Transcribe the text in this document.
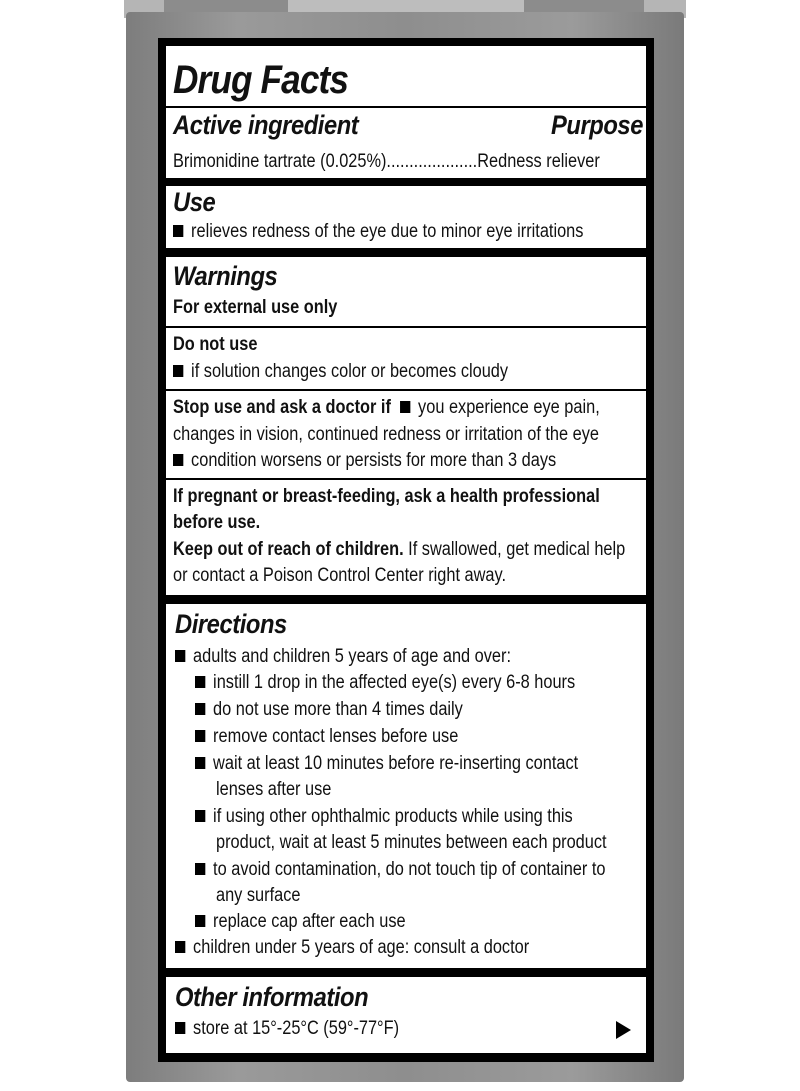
Drug Facts
Active ingredient	Purpose
Brimonidine tartrate (0.025%)....................Redness reliever
Use
relieves redness of the eye due to minor eye irritations
Warnings
For external use only
Do not use
if solution changes color or becomes cloudy
Stop use and ask a doctor if you experience eye pain,
changes in vision, continued redness or irritation of the eye
condition worsens or persists for more than 3 days
If pregnant or breast-feeding, ask a health professional
before use.
Keep out of reach of children. If swallowed, get medical help
or contact a Poison Control Center right away.
Directions
adults and children 5 years of age and over:
instill 1 drop in the affected eye(s) every 6-8 hours
do not use more than 4 times daily
remove contact lenses before use
wait at least 10 minutes before re-inserting contact
lenses after use
if using other ophthalmic products while using this
product, wait at least 5 minutes between each product
to avoid contamination, do not touch tip of container to
any surface
replace cap after each use
children under 5 years of age: consult a doctor
Other information
store at 15°-25°C (59°-77°F)
